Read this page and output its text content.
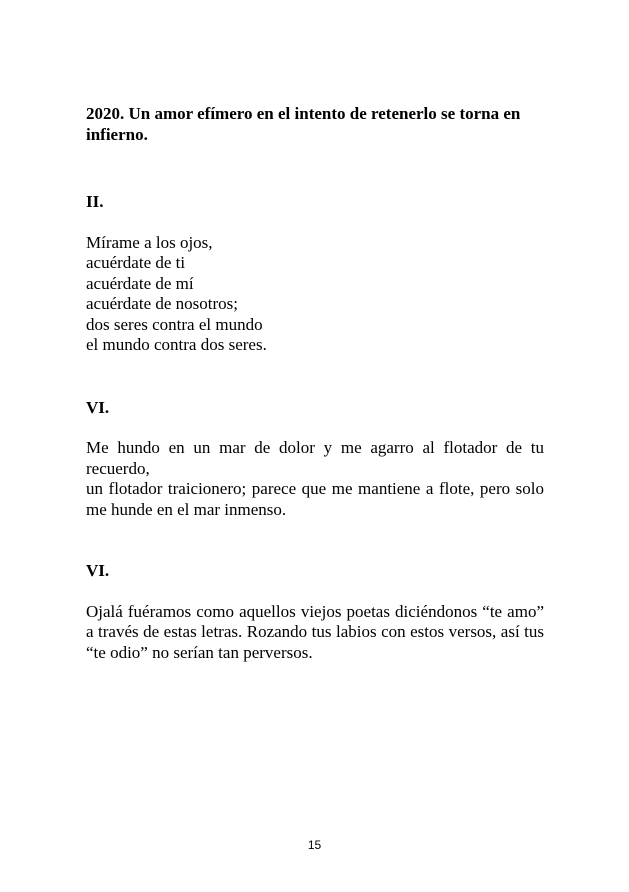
2020. Un amor efímero en el intento de retenerlo se torna en infierno.

II.

Mírame a los ojos,
acuérdate de ti
acuérdate de mí
acuérdate de nosotros;
dos seres contra el mundo
el mundo contra dos seres.

VI.

Me hundo en un mar de dolor y me agarro al flotador de tu recuerdo,
un flotador traicionero; parece que me mantiene a flote, pero solo me hunde en el mar inmenso.

VI.

Ojalá fuéramos como aquellos viejos poetas diciéndonos “te amo” a través de estas letras. Rozando tus labios con estos versos, así tus “te odio” no serían tan perversos.
15
